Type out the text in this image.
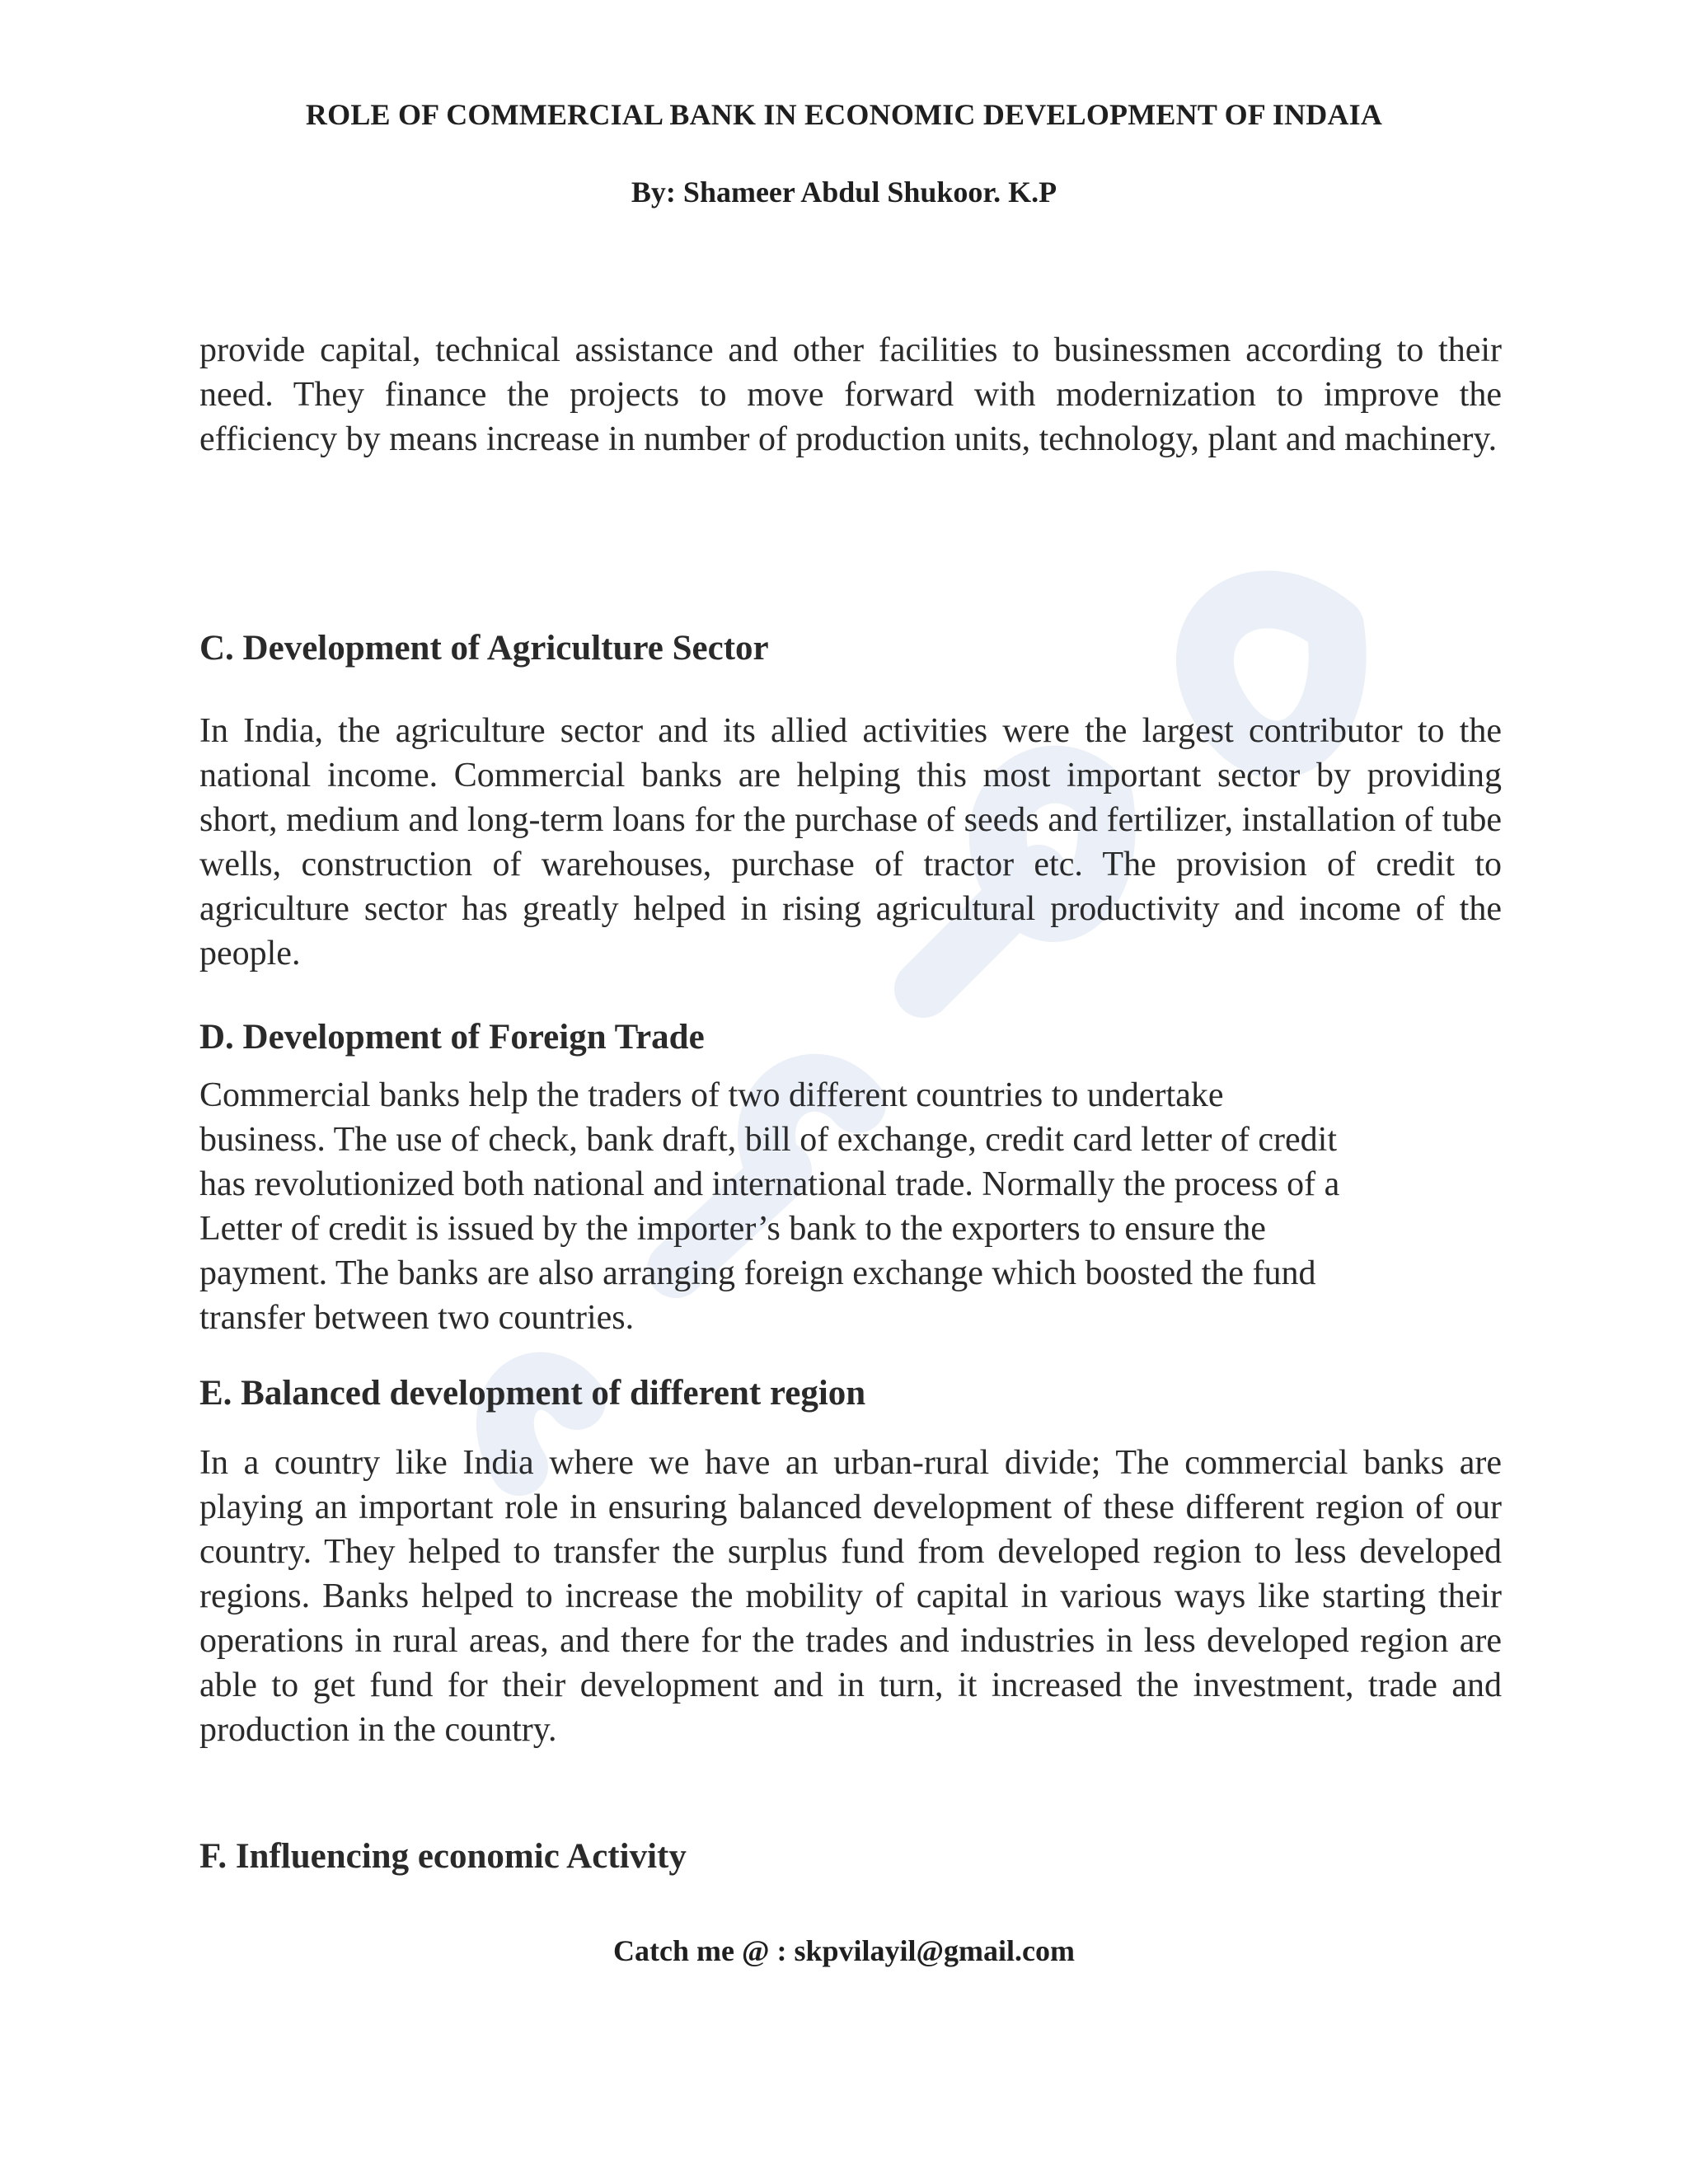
ROLE OF COMMERCIAL BANK IN ECONOMIC DEVELOPMENT OF INDAIA
By: Shameer Abdul Shukoor. K.P
provide capital, technical assistance and other facilities to businessmen according to their need. They finance the projects to move forward with modernization to improve the efficiency by means increase in number of production units, technology, plant and machinery.
C. Development of Agriculture Sector
In India, the agriculture sector and its allied activities were the largest contributor to the national income. Commercial banks are helping this most important sector by providing short, medium and long-term loans for the purchase of seeds and fertilizer, installation of tube wells, construction of warehouses, purchase of tractor etc. The provision of credit to agriculture sector has greatly helped in rising agricultural productivity and income of the people.
D. Development of Foreign Trade
Commercial banks help the traders of two different countries to undertake
business. The use of check, bank draft, bill of exchange, credit card letter of credit
has revolutionized both national and international trade. Normally the process of a
Letter of credit is issued by the importer’s bank to the exporters to ensure the
payment. The banks are also arranging foreign exchange which boosted the fund
transfer between two countries.
E. Balanced development of different region
In a country like India where we have an urban-rural divide; The commercial banks are playing an important role in ensuring balanced development of these different region of our country. They helped to transfer the surplus fund from developed region to less developed regions. Banks helped to increase the mobility of capital in various ways like starting their operations in rural areas, and there for the trades and industries in less developed region are able to get fund for their development and in turn, it increased the investment, trade and production in the country.
F. Influencing economic Activity
Catch me @ : skpvilayil@gmail.com
